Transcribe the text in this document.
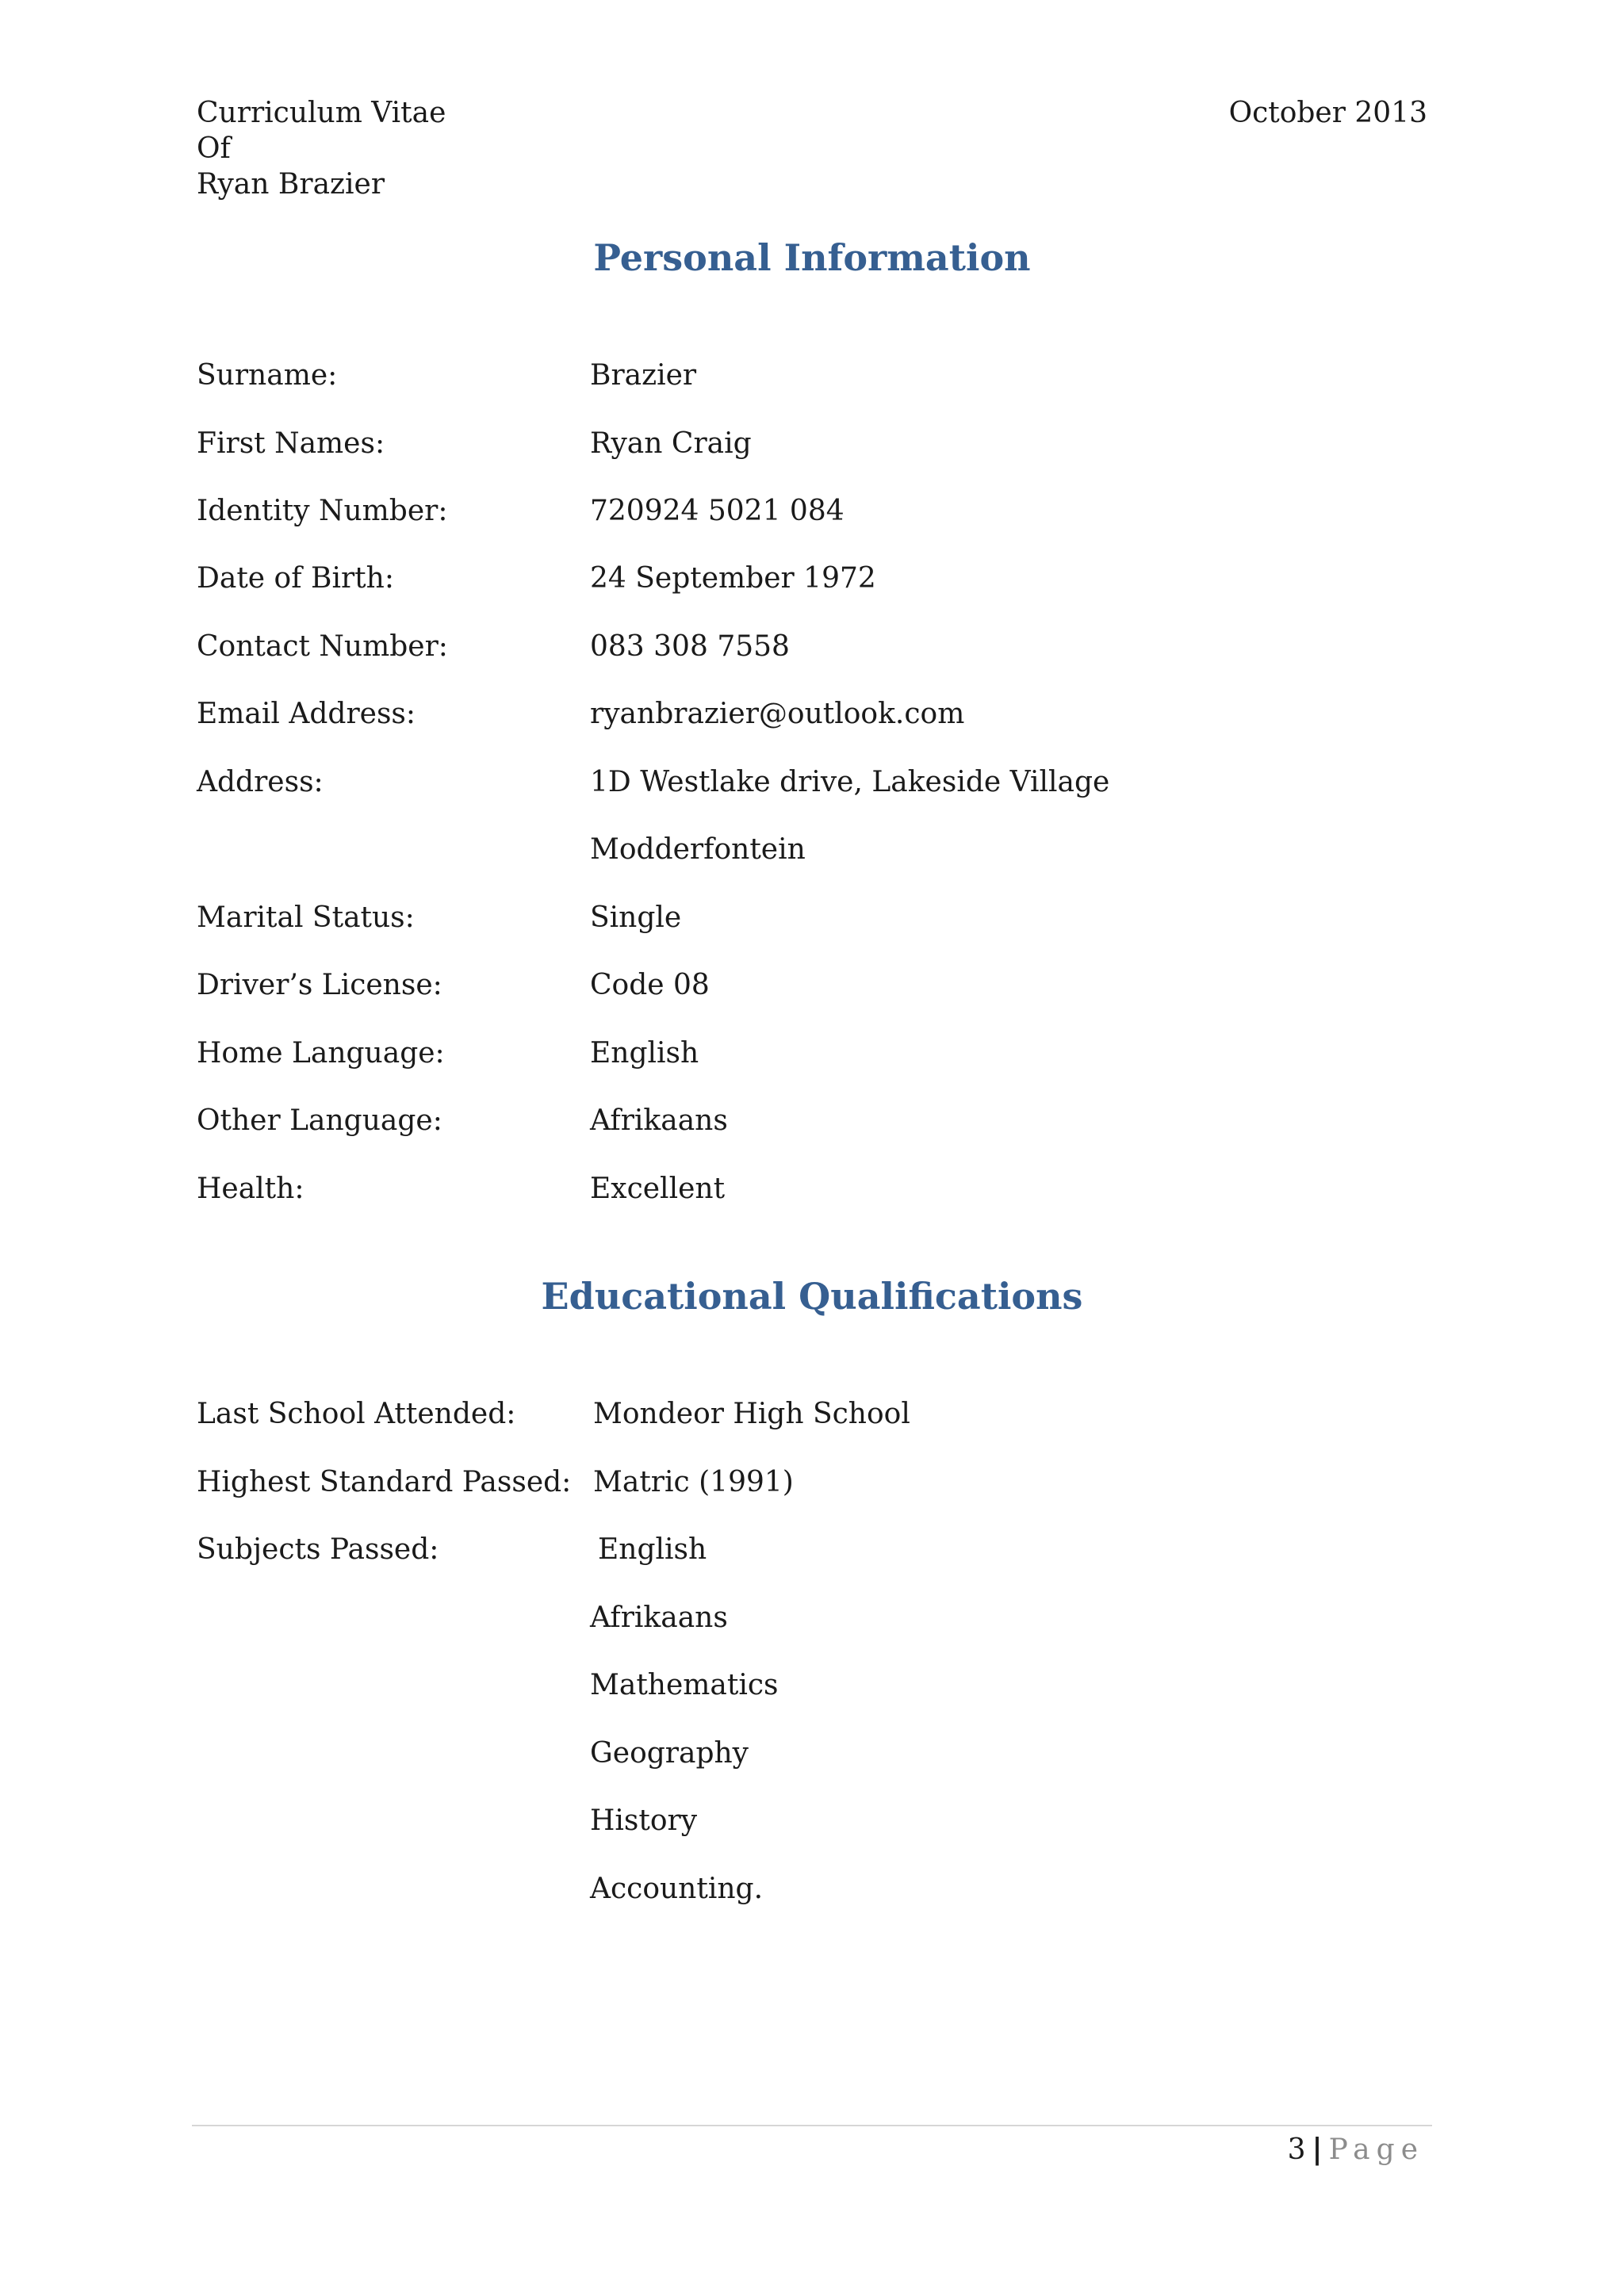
Curriculum Vitae
Of
Ryan Brazier
October 2013
Personal Information
Surname:	Brazier
First Names:	Ryan Craig
Identity Number:	720924 5021 084
Date of Birth:	24 September 1972
Contact Number:	083 308 7558
Email Address:	ryanbrazier@outlook.com
Address:	1D Westlake drive, Lakeside Village
Modderfontein
Marital Status:	Single
Driver’s License:	Code 08
Home Language:	English
Other Language:	Afrikaans
Health:	Excellent
Educational Qualifications
Last School Attended:	Mondeor High School
Highest Standard Passed: Matric (1991)
Subjects Passed:	English
Afrikaans
Mathematics
Geography
History
Accounting.
3 | Page
